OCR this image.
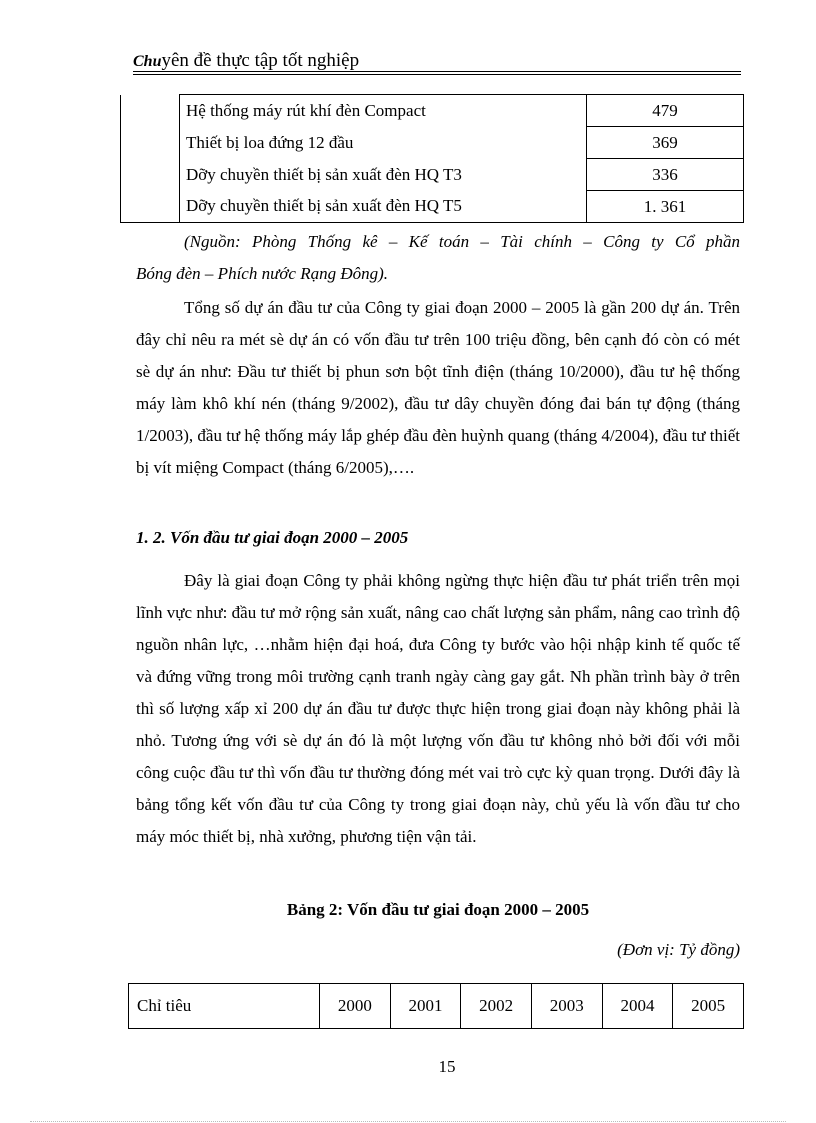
Chuyên đề thực tập tốt nghiệp
	Hệ thống máy rút khí đèn Compact	479
	Thiết bị loa đứng 12 đầu	369
	Dỡy chuyền thiết bị sản xuất đèn HQ T3	336
	Dỡy chuyền thiết bị sản xuất đèn HQ T5	1. 361
(Nguồn: Phòng Thống kê – Kế toán – Tài chính – Công ty Cổ phần
Bóng đèn – Phích nước Rạng Đông).
Tổng số dự án đầu tư của Công ty giai đoạn 2000 – 2005 là gần 200 dự án. Trên đây chỉ nêu ra mét sè dự án có vốn đầu tư trên 100 triệu đồng, bên cạnh đó còn có mét sè dự án như: Đầu tư thiết bị phun sơn bột tĩnh điện (tháng 10/2000), đầu tư hệ thống máy làm khô khí nén (tháng 9/2002), đầu tư dây chuyền đóng đai bán tự động (tháng 1/2003), đầu tư hệ thống máy lắp ghép đầu đèn huỳnh quang (tháng 4/2004), đầu tư thiết bị vít miệng Compact (tháng 6/2005),….
1. 2. Vốn đầu tư giai đoạn 2000 – 2005
Đây là giai đoạn Công ty phải không ngừng thực hiện đầu tư phát triển trên mọi lĩnh vực như: đầu tư mở rộng sản xuất, nâng cao chất lượng sản phẩm, nâng cao trình độ nguồn nhân lực, …nhằm hiện đại hoá, đưa Công ty bước vào hội nhập kinh tế quốc tế và đứng vững trong môi trường cạnh tranh ngày càng gay gắt. Nh phần trình bày ở trên thì số lượng xấp xỉ 200 dự án đầu tư được thực hiện trong giai đoạn này không phải là nhỏ. Tương ứng với sè dự án đó là một lượng vốn đầu tư không nhỏ bởi đối với mỗi công cuộc đầu tư thì vốn đầu tư thường đóng mét vai trò cực kỳ quan trọng. Dưới đây là bảng tổng kết vốn đầu tư của Công ty trong giai đoạn này, chủ yếu là vốn đầu tư cho máy móc thiết bị, nhà xưởng, phương tiện vận tải.
Bảng 2: Vốn đầu tư giai đoạn 2000 – 2005
(Đơn vị: Tỷ đồng)
Chỉ tiêu	2000	2001	2002	2003	2004	2005
15
